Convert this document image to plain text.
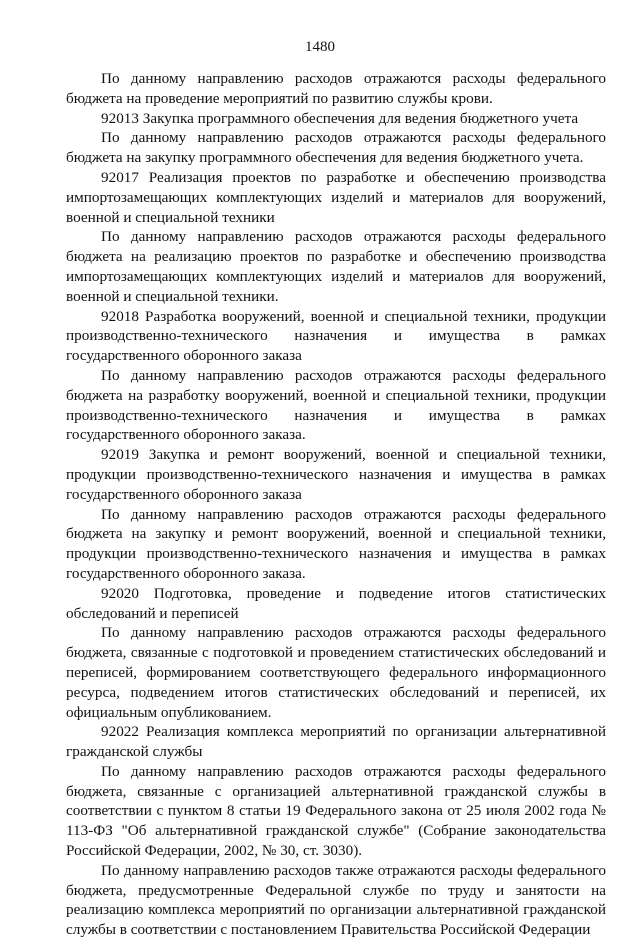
1480

По данному направлению расходов отражаются расходы федерального бюджета на проведение мероприятий по развитию службы крови.

92013 Закупка программного обеспечения для ведения бюджетного учета

По данному направлению расходов отражаются расходы федерального бюджета на закупку программного обеспечения для ведения бюджетного учета.

92017 Реализация проектов по разработке и обеспечению производства импортозамещающих комплектующих изделий и материалов для вооружений, военной и специальной техники

По данному направлению расходов отражаются расходы федерального бюджета на реализацию проектов по разработке и обеспечению производства импортозамещающих комплектующих изделий и материалов для вооружений, военной и специальной техники.

92018 Разработка вооружений, военной и специальной техники, продукции производственно-технического назначения и имущества в рамках государственного оборонного заказа

По данному направлению расходов отражаются расходы федерального бюджета на разработку вооружений, военной и специальной техники, продукции производственно-технического назначения и имущества в рамках государственного оборонного заказа.

92019 Закупка и ремонт вооружений, военной и специальной техники, продукции производственно-технического назначения и имущества в рамках государственного оборонного заказа

По данному направлению расходов отражаются расходы федерального бюджета на закупку и ремонт вооружений, военной и специальной техники, продукции производственно-технического назначения и имущества в рамках государственного оборонного заказа.

92020 Подготовка, проведение и подведение итогов статистических обследований и переписей

По данному направлению расходов отражаются расходы федерального бюджета, связанные с подготовкой и проведением статистических обследований и переписей, формированием соответствующего федерального информационного ресурса, подведением итогов статистических обследований и переписей, их официальным опубликованием.

92022 Реализация комплекса мероприятий по организации альтернативной гражданской службы

По данному направлению расходов отражаются расходы федерального бюджета, связанные с организацией альтернативной гражданской службы в соответствии с пунктом 8 статьи 19 Федерального закона от 25 июля 2002 года № 113-ФЗ "Об альтернативной гражданской службе" (Собрание законодательства Российской Федерации, 2002, № 30, ст. 3030).

По данному направлению расходов также отражаются расходы федерального бюджета, предусмотренные Федеральной службе по труду и занятости на реализацию комплекса мероприятий по организации альтернативной гражданской службы в соответствии с постановлением Правительства Российской Федерации
